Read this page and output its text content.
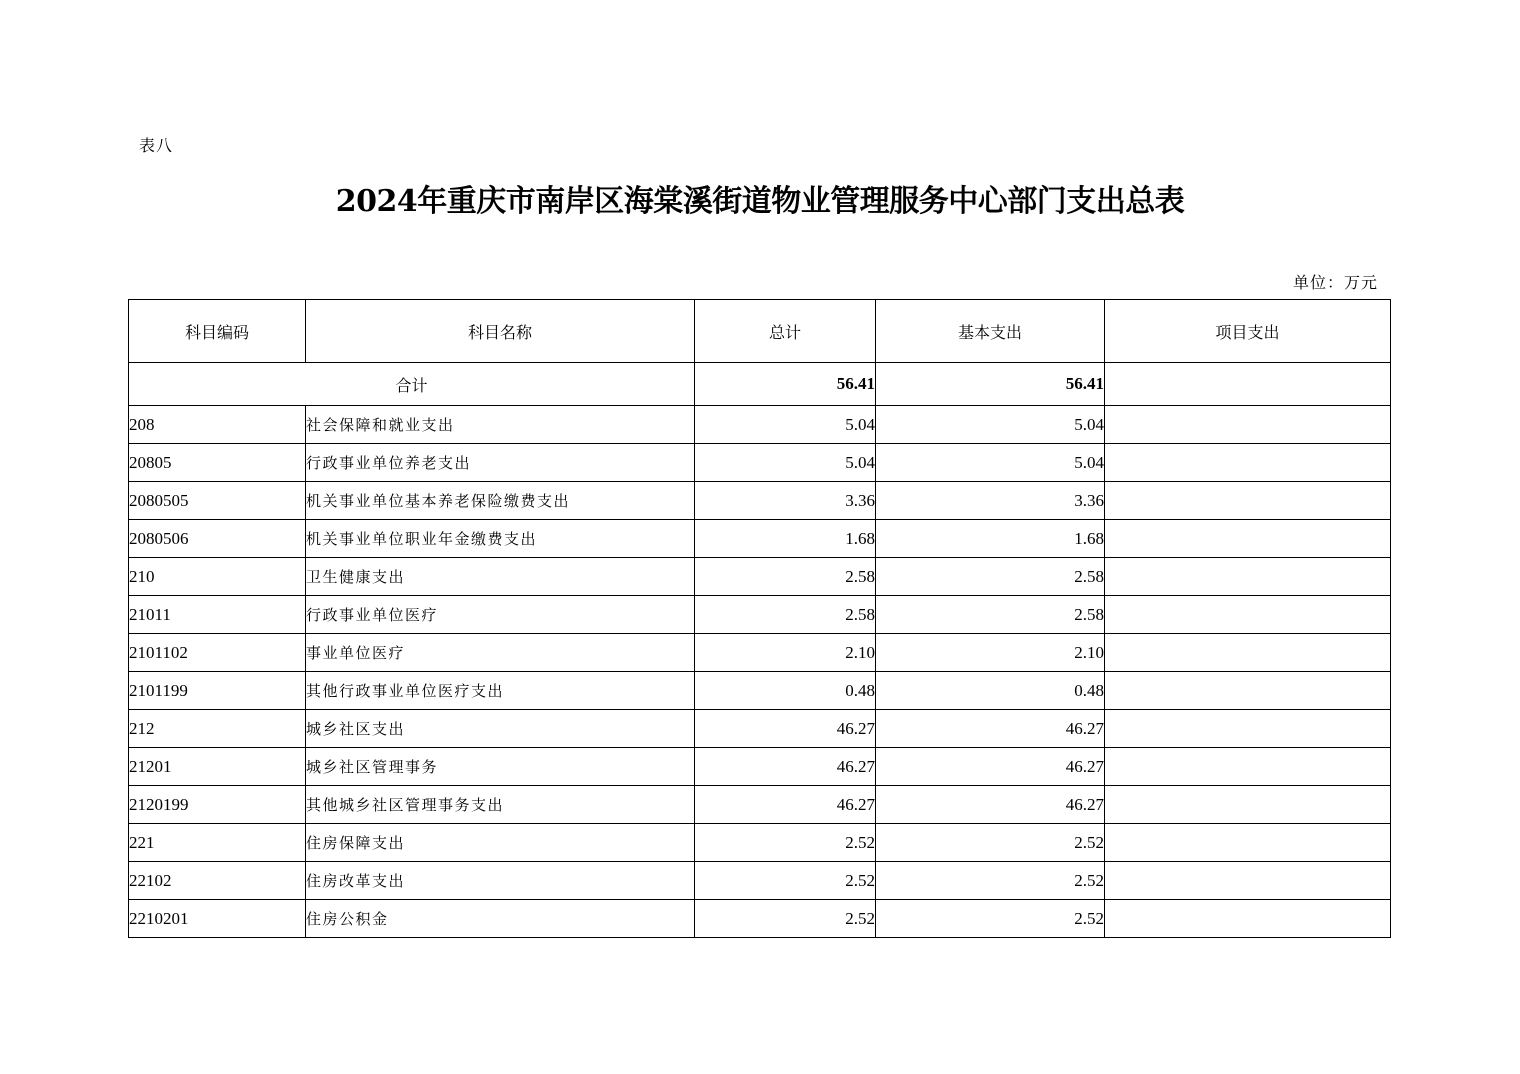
表八
2024年重庆市南岸区海棠溪街道物业管理服务中心部门支出总表
单位：万元
科目编码	科目名称	总计	基本支出	项目支出
合计		56.41	56.41	
208	社会保障和就业支出	5.04	5.04	
20805	行政事业单位养老支出	5.04	5.04	
2080505	机关事业单位基本养老保险缴费支出	3.36	3.36	
2080506	机关事业单位职业年金缴费支出	1.68	1.68	
210	卫生健康支出	2.58	2.58	
21011	行政事业单位医疗	2.58	2.58	
2101102	事业单位医疗	2.10	2.10	
2101199	其他行政事业单位医疗支出	0.48	0.48	
212	城乡社区支出	46.27	46.27	
21201	城乡社区管理事务	46.27	46.27	
2120199	其他城乡社区管理事务支出	46.27	46.27	
221	住房保障支出	2.52	2.52	
22102	住房改革支出	2.52	2.52	
2210201	住房公积金	2.52	2.52	
